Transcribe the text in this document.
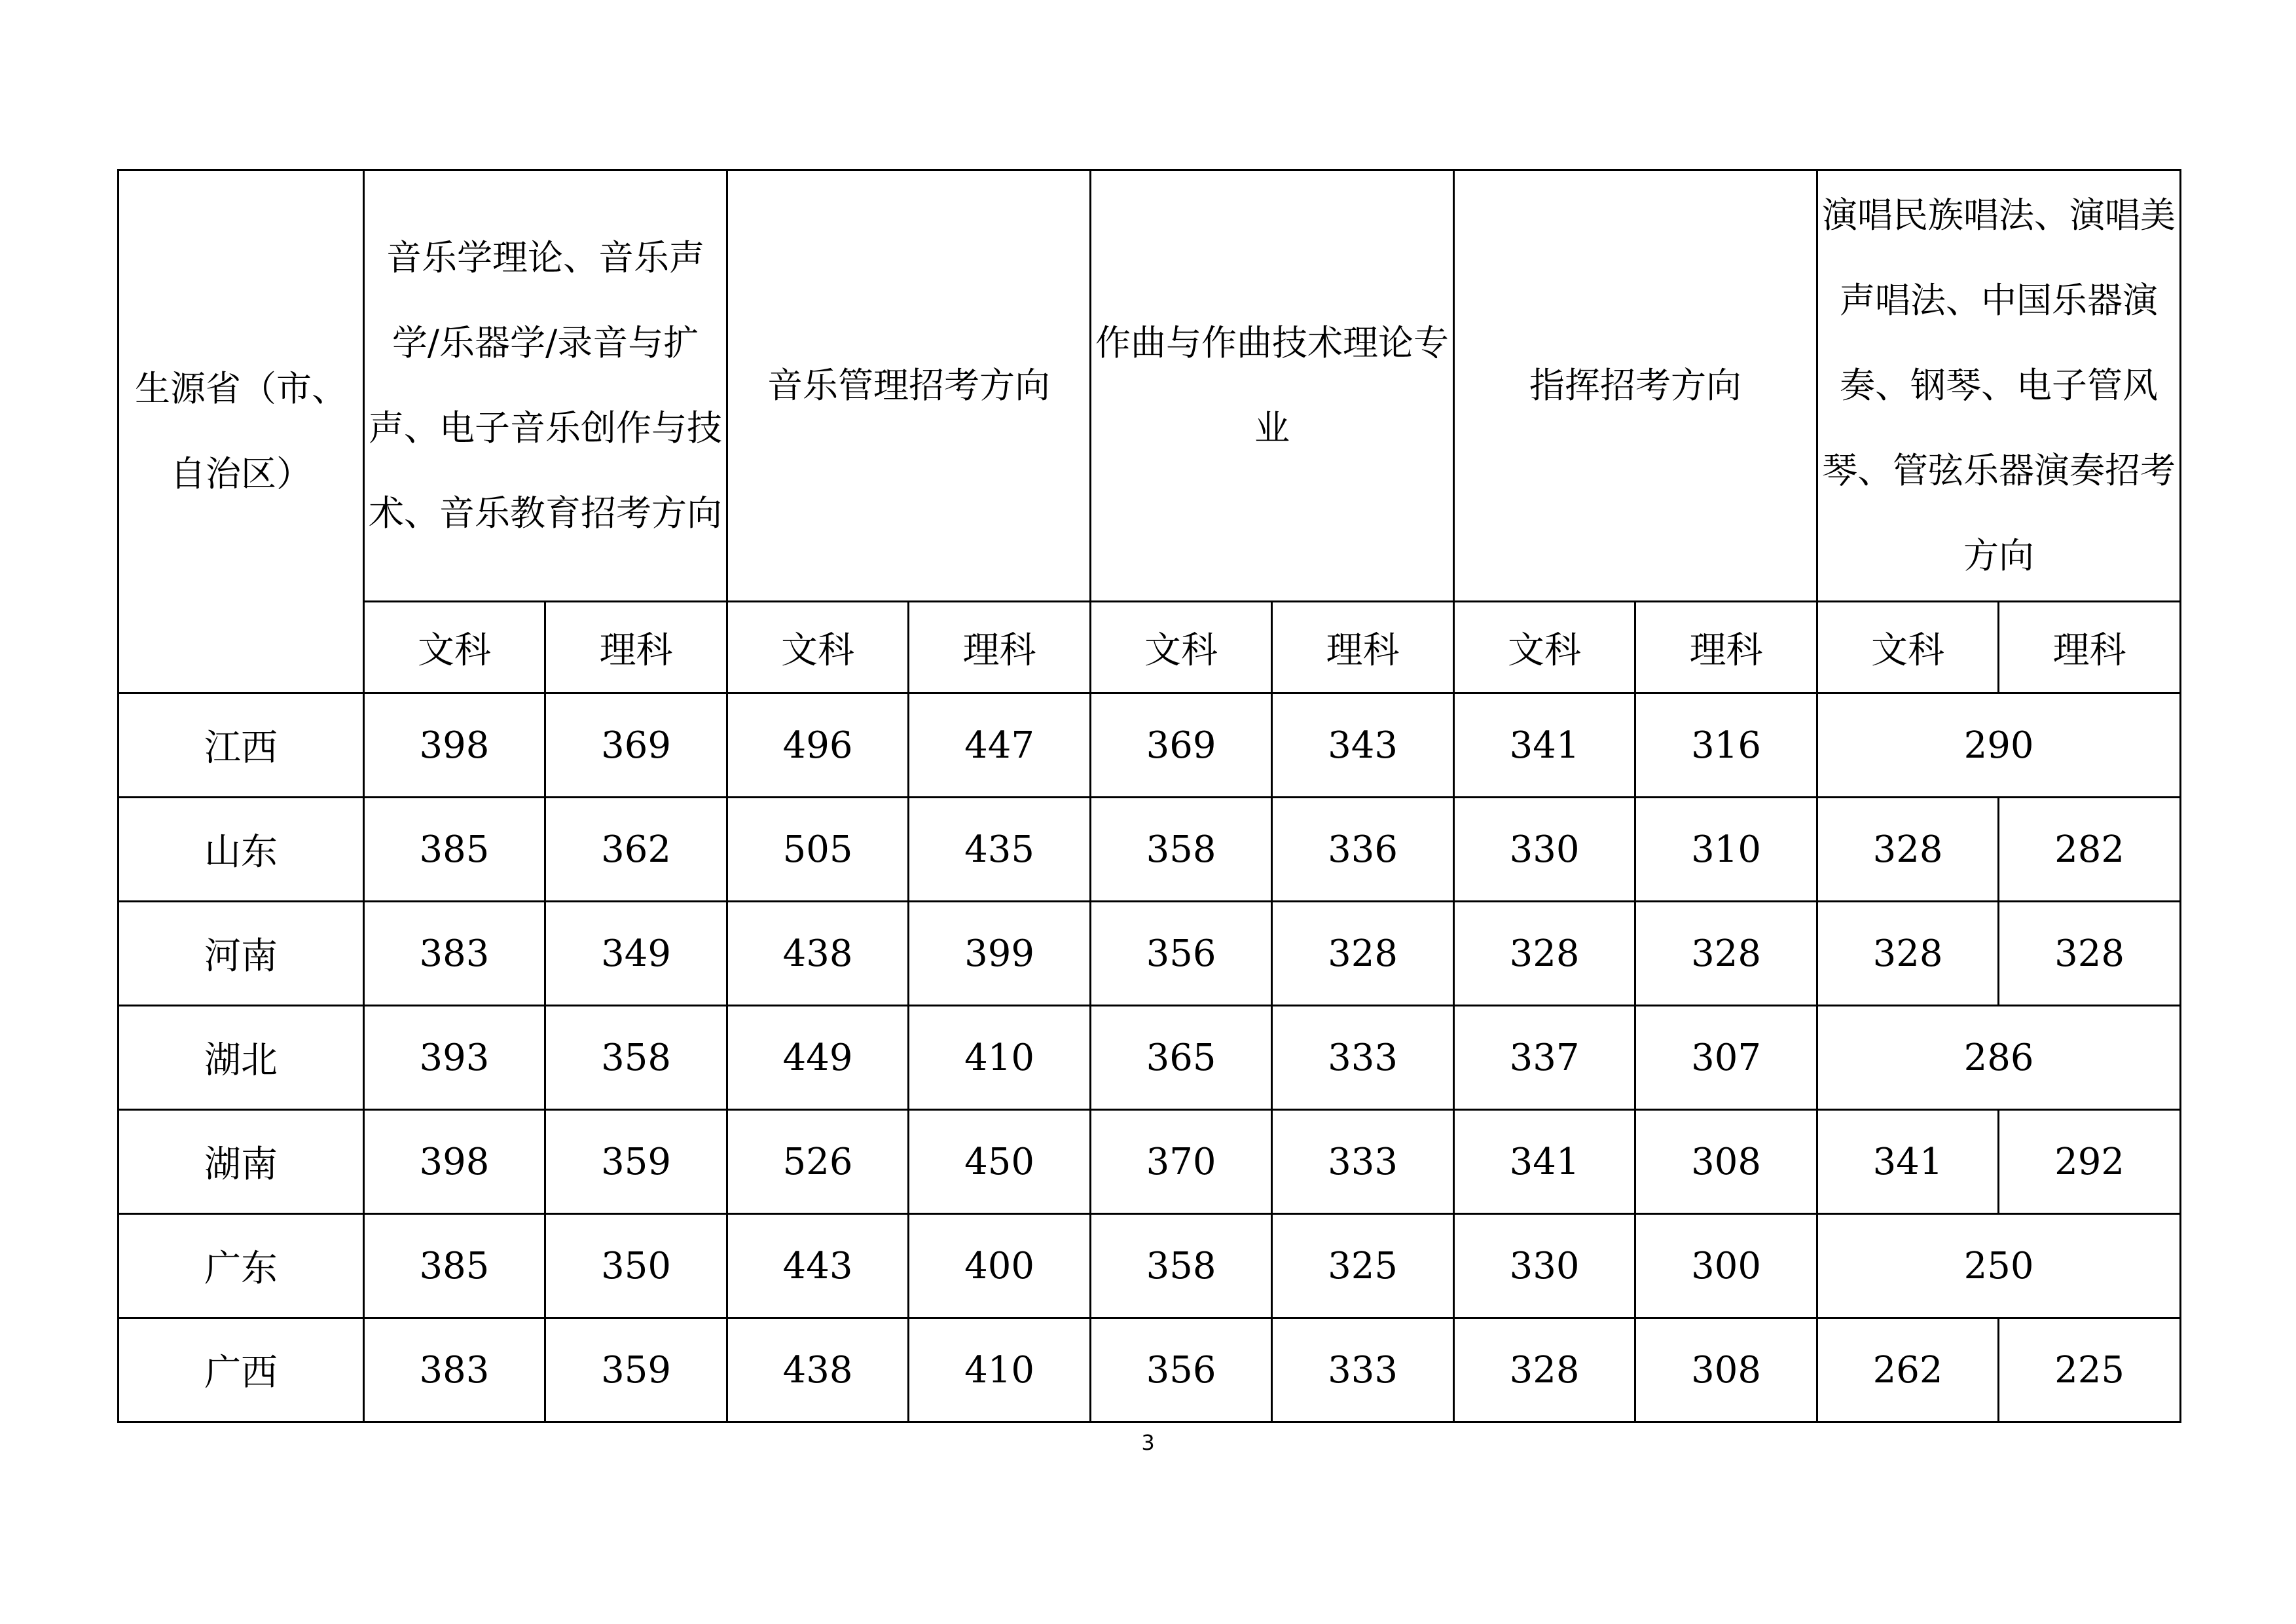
生源省（市、自治区）	音乐学理论、音乐声学/乐器学/录音与扩声、电子音乐创作与技术、音乐教育招考方向		音乐管理招考方向		作曲与作曲技术理论专业		指挥招考方向		演唱民族唱法、演唱美声唱法、中国乐器演奏、钢琴、电子管风琴、管弦乐器演奏招考方向	
	文科	理科	文科	理科	文科	理科	文科	理科	文科	理科
江西	398	369	496	447	369	343	341	316	290	
山东	385	362	505	435	358	336	330	310	328	282
河南	383	349	438	399	356	328	328	328	328	328
湖北	393	358	449	410	365	333	337	307	286	
湖南	398	359	526	450	370	333	341	308	341	292
广东	385	350	443	400	358	325	330	300	250	
广西	383	359	438	410	356	333	328	308	262	225
3
